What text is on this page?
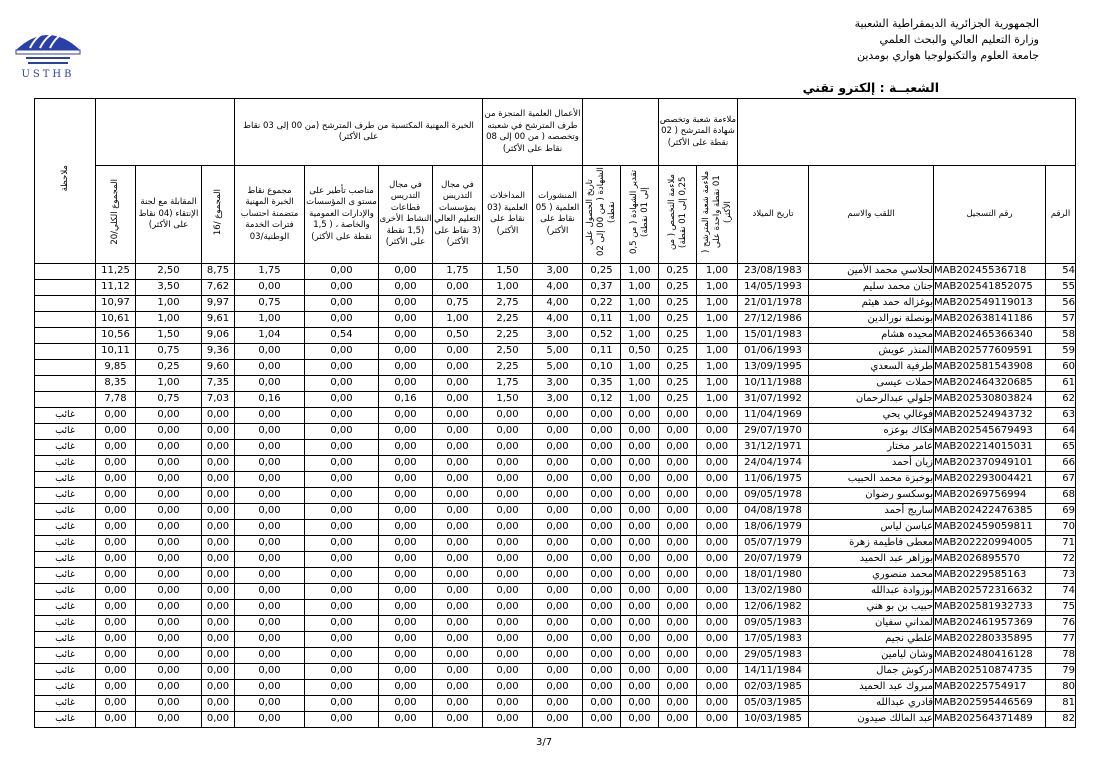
USTHB
الجمهورية الجزائرية الديمقراطية الشعبية
وزارة التعليم العالي والبحث العلمي
جامعة العلوم والتكنولوجيا هواري بومدين
الشعبــة : إلكترو تقني
ملاحظة				الخبرة المهنية المكتسبة من طرف المترشح (من 00 إلى 03 نقاط على الأكثر)				الأعمال العلمية المنجزة من طرف المترشح في شعبته وتخصصه ( من 00 إلى 08 نقاط على الأكثر)				ملاءمة شعبة وتخصص شهادة المترشح ( 02 نقطة على الأكثر)					
	المجموع الكلي/20	المقابلة مع لجنة الإنتقاء (04 نقاط على الأكثر)	المجموع /16	مجموع نقاط الخبرة المهنية متضمنة احتساب فترات الخدمة الوطنية/03	مناصب تأطير على مستو ى المؤسسات والإدارات العمومية والخاصة ، ( 1,5 نقطة على الأكثر)	في مجال التدريس قطاعات النشاط الأخرى (1,5 نقطة على الأكثر)	في مجال التدريس بمؤسسات التعليم العالي (3 نقاط على الأكثر)	المداخلات العلمية (03 نقاط على الأكثر)	المنشورات العلمية ( 05 نقاط على الأكثر)	تاريخ الحصول على الشهادة ( من 00 إلى 02 نقطة)	تقدير الشهادة ( من 0,5 إلى 01 نقطة)	ملاءمة التخصص ( من 0,25 إلى 01 نقطة)	ملاءمة شعبة المترشح ( 01 نقطة واحدة على الأكثر)	تاريخ الميلاد	اللقب والاسم	رقم التسجيل	الرقم
	11,25	2,50	8,75	1,75	0,00	0,00	1,75	1,50	3,00	0,25	1,00	0,25	1,00	23/08/1983	لحلاسي محمد الأمين	MAB20245536718	54
	11,12	3,50	7,62	0,00	0,00	0,00	0,00	1,00	4,00	0,37	1,00	0,25	1,00	14/05/1993	جنان محمد سليم	MAB202541852075	55
	10,97	1,00	9,97	0,75	0,00	0,00	0,75	2,75	4,00	0,22	1,00	0,25	1,00	21/01/1978	بوغزاله حمد هيثم	MAB202549119013	56
	10,61	1,00	9,61	1,00	0,00	0,00	1,00	2,25	4,00	0,11	1,00	0,25	1,00	27/12/1986	بونصلة نورالدين	MAB202638141186	57
	10,56	1,50	9,06	1,04	0,54	0,00	0,50	2,25	3,00	0,52	1,00	0,25	1,00	15/01/1983	محيده هشام	MAB202465366340	58
	10,11	0,75	9,36	0,00	0,00	0,00	0,00	2,50	5,00	0,11	0,50	0,25	1,00	01/06/1993	المنذر عويش	MAB202577609591	59
	9,85	0,25	9,60	0,00	0,00	0,00	0,00	2,25	5,00	0,10	1,00	0,25	1,00	13/09/1995	طرفية السعدي	MAB202581543908	60
	8,35	1,00	7,35	0,00	0,00	0,00	0,00	1,75	3,00	0,35	1,00	0,25	1,00	10/11/1988	حملات عيسى	MAB202464320685	61
	7,78	0,75	7,03	0,16	0,00	0,16	0,00	1,50	3,00	0,12	1,00	0,25	1,00	31/07/1992	جلولي عبدالرحمان	MAB202530803824	62
غائب	0,00	0,00	0,00	0,00	0,00	0,00	0,00	0,00	0,00	0,00	0,00	0,00	0,00	11/04/1969	فوغالي يحي	MAB202524943732	63
غائب	0,00	0,00	0,00	0,00	0,00	0,00	0,00	0,00	0,00	0,00	0,00	0,00	0,00	29/07/1970	فكاك بوعزه	MAB202545679493	64
غائب	0,00	0,00	0,00	0,00	0,00	0,00	0,00	0,00	0,00	0,00	0,00	0,00	0,00	31/12/1971	عامر مختار	MAB202214015031	65
غائب	0,00	0,00	0,00	0,00	0,00	0,00	0,00	0,00	0,00	0,00	0,00	0,00	0,00	24/04/1974	زيان أحمد	MAB202370949101	66
غائب	0,00	0,00	0,00	0,00	0,00	0,00	0,00	0,00	0,00	0,00	0,00	0,00	0,00	11/06/1975	بوخبزة محمد الحبيب	MAB202293004421	67
غائب	0,00	0,00	0,00	0,00	0,00	0,00	0,00	0,00	0,00	0,00	0,00	0,00	0,00	09/05/1978	بوسكسو رضوان	MAB20269756994	68
غائب	0,00	0,00	0,00	0,00	0,00	0,00	0,00	0,00	0,00	0,00	0,00	0,00	0,00	04/08/1978	ساريج أحمد	MAB202422476385	69
غائب	0,00	0,00	0,00	0,00	0,00	0,00	0,00	0,00	0,00	0,00	0,00	0,00	0,00	18/06/1979	عباسن لياس	MAB202459059811	70
غائب	0,00	0,00	0,00	0,00	0,00	0,00	0,00	0,00	0,00	0,00	0,00	0,00	0,00	05/07/1979	معطى فاطيمة زهرة	MAB202220994005	71
غائب	0,00	0,00	0,00	0,00	0,00	0,00	0,00	0,00	0,00	0,00	0,00	0,00	0,00	20/07/1979	بوزاهر عبد الحميد	MAB2026895570	72
غائب	0,00	0,00	0,00	0,00	0,00	0,00	0,00	0,00	0,00	0,00	0,00	0,00	0,00	18/01/1980	محمد منصوري	MAB20229585163	73
غائب	0,00	0,00	0,00	0,00	0,00	0,00	0,00	0,00	0,00	0,00	0,00	0,00	0,00	13/02/1980	بوزوادة عبدالله	MAB202572316632	74
غائب	0,00	0,00	0,00	0,00	0,00	0,00	0,00	0,00	0,00	0,00	0,00	0,00	0,00	12/06/1982	حبيب بن بو هني	MAB202581932733	75
غائب	0,00	0,00	0,00	0,00	0,00	0,00	0,00	0,00	0,00	0,00	0,00	0,00	0,00	09/05/1983	لمداني سفيان	MAB202461957369	76
غائب	0,00	0,00	0,00	0,00	0,00	0,00	0,00	0,00	0,00	0,00	0,00	0,00	0,00	17/05/1983	علطي نجيم	MAB202280335895	77
غائب	0,00	0,00	0,00	0,00	0,00	0,00	0,00	0,00	0,00	0,00	0,00	0,00	0,00	29/05/1983	وشان ليامين	MAB202480416128	78
غائب	0,00	0,00	0,00	0,00	0,00	0,00	0,00	0,00	0,00	0,00	0,00	0,00	0,00	14/11/1984	دركوش جمال	MAB202510874735	79
غائب	0,00	0,00	0,00	0,00	0,00	0,00	0,00	0,00	0,00	0,00	0,00	0,00	0,00	02/03/1985	مبروك عبد الحميد	MAB20225754917	80
غائب	0,00	0,00	0,00	0,00	0,00	0,00	0,00	0,00	0,00	0,00	0,00	0,00	0,00	05/03/1985	قادري عبدالله	MAB202595446569	81
غائب	0,00	0,00	0,00	0,00	0,00	0,00	0,00	0,00	0,00	0,00	0,00	0,00	0,00	10/03/1985	عبد المالك صيدون	MAB202564371489	82
3/7
